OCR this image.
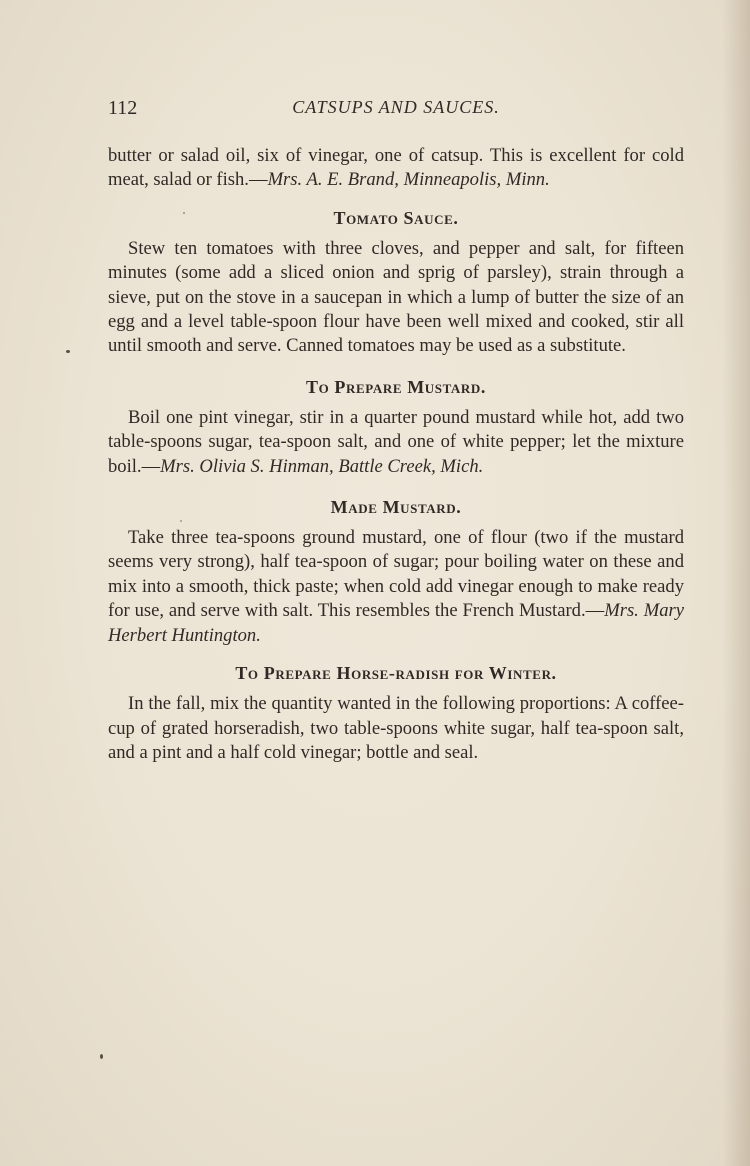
112	CATSUPS AND SAUCES.

butter or salad oil, six of vinegar, one of catsup. This is excellent for cold meat, salad or fish.—Mrs. A. E. Brand, Minneapolis, Minn.

Tomato Sauce.

Stew ten tomatoes with three cloves, and pepper and salt, for fifteen minutes (some add a sliced onion and sprig of parsley), strain through a sieve, put on the stove in a saucepan in which a lump of butter the size of an egg and a level table-spoon flour have been well mixed and cooked, stir all until smooth and serve. Canned tomatoes may be used as a substitute.

To Prepare Mustard.

Boil one pint vinegar, stir in a quarter pound mustard while hot, add two table-spoons sugar, tea-spoon salt, and one of white pepper; let the mixture boil.—Mrs. Olivia S. Hinman, Battle Creek, Mich.

Made Mustard.

Take three tea-spoons ground mustard, one of flour (two if the mustard seems very strong), half tea-spoon of sugar; pour boiling water on these and mix into a smooth, thick paste; when cold add vinegar enough to make ready for use, and serve with salt. This resembles the French Mustard.—Mrs. Mary Herbert Huntington.

To Prepare Horse-radish for Winter.

In the fall, mix the quantity wanted in the following proportions: A coffee-cup of grated horseradish, two table-spoons white sugar, half tea-spoon salt, and a pint and a half cold vinegar; bottle and seal.
